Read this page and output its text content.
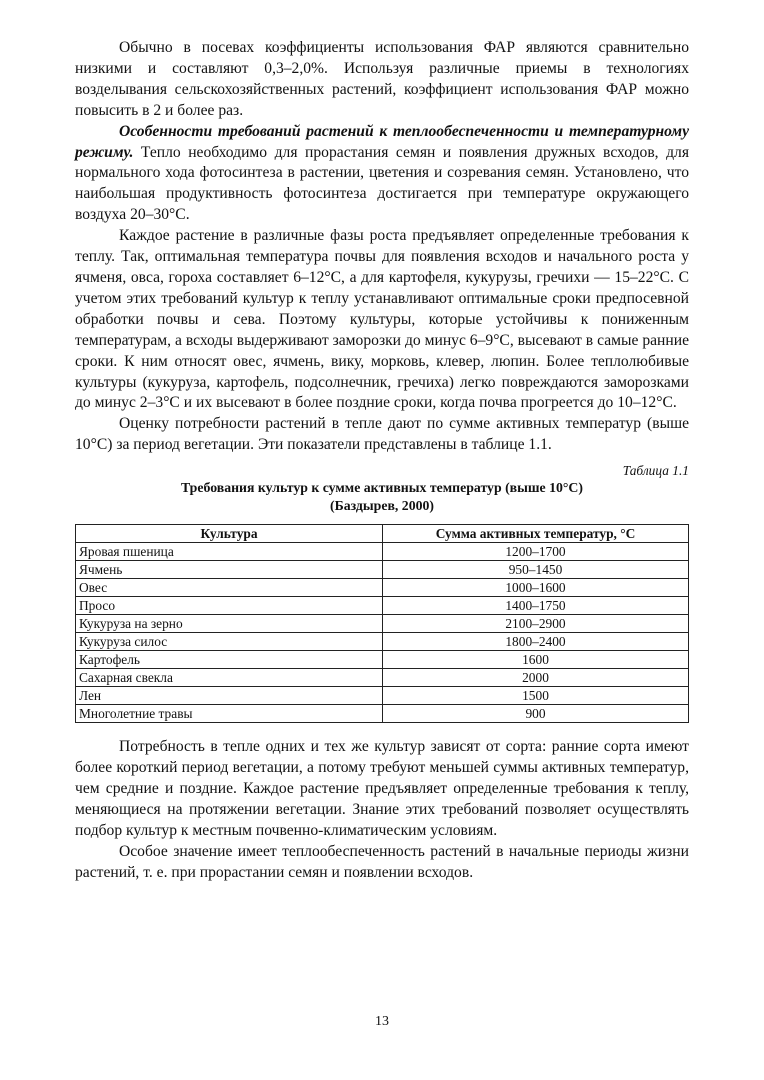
Обычно в посевах коэффициенты использования ФАР являются сравнительно низкими и составляют 0,3–2,0%. Используя различные приемы в технологиях возделывания сельскохозяйственных растений, коэффициент использования ФАР можно повысить в 2 и более раз.

Особенности требований растений к теплообеспеченности и температурному режиму. Тепло необходимо для прорастания семян и появления дружных всходов, для нормального хода фотосинтеза в растении, цветения и созревания семян. Установлено, что наибольшая продуктивность фотосинтеза достигается при температуре окружающего воздуха 20–30°С.

Каждое растение в различные фазы роста предъявляет определенные требования к теплу. Так, оптимальная температура почвы для появления всходов и начального роста у ячменя, овса, гороха составляет 6–12°С, а для картофеля, кукурузы, гречихи — 15–22°С. С учетом этих требований культур к теплу устанавливают оптимальные сроки предпосевной обработки почвы и сева. Поэтому культуры, которые устойчивы к пониженным температурам, а всходы выдерживают заморозки до минус 6–9°С, высевают в самые ранние сроки. К ним относят овес, ячмень, вику, морковь, клевер, люпин. Более теплолюбивые культуры (кукуруза, картофель, подсолнечник, гречиха) легко повреждаются заморозками до минус 2–3°С и их высевают в более поздние сроки, когда почва прогреется до 10–12°С.

Оценку потребности растений в тепле дают по сумме активных температур (выше 10°С) за период вегетации. Эти показатели представлены в таблице 1.1.

Таблица 1.1

Требования культур к сумме активных температур (выше 10°С)

(Баздырев, 2000)

Культура	Сумма активных температур, °С
Яровая пшеница	1200–1700
Ячмень	950–1450
Овес	1000–1600
Просо	1400–1750
Кукуруза на зерно	2100–2900
Кукуруза силос	1800–2400
Картофель	1600
Сахарная свекла	2000
Лен	1500
Многолетние травы	900

Потребность в тепле одних и тех же культур зависят от сорта: ранние сорта имеют более короткий период вегетации, а потому требуют меньшей суммы активных температур, чем средние и поздние. Каждое растение предъявляет определенные требования к теплу, меняющиеся на протяжении вегетации. Знание этих требований позволяет осуществлять подбор культур к местным почвенно-климатическим условиям.

Особое значение имеет теплообеспеченность растений в начальные периоды жизни растений, т. е. при прорастании семян и появлении всходов.

13
